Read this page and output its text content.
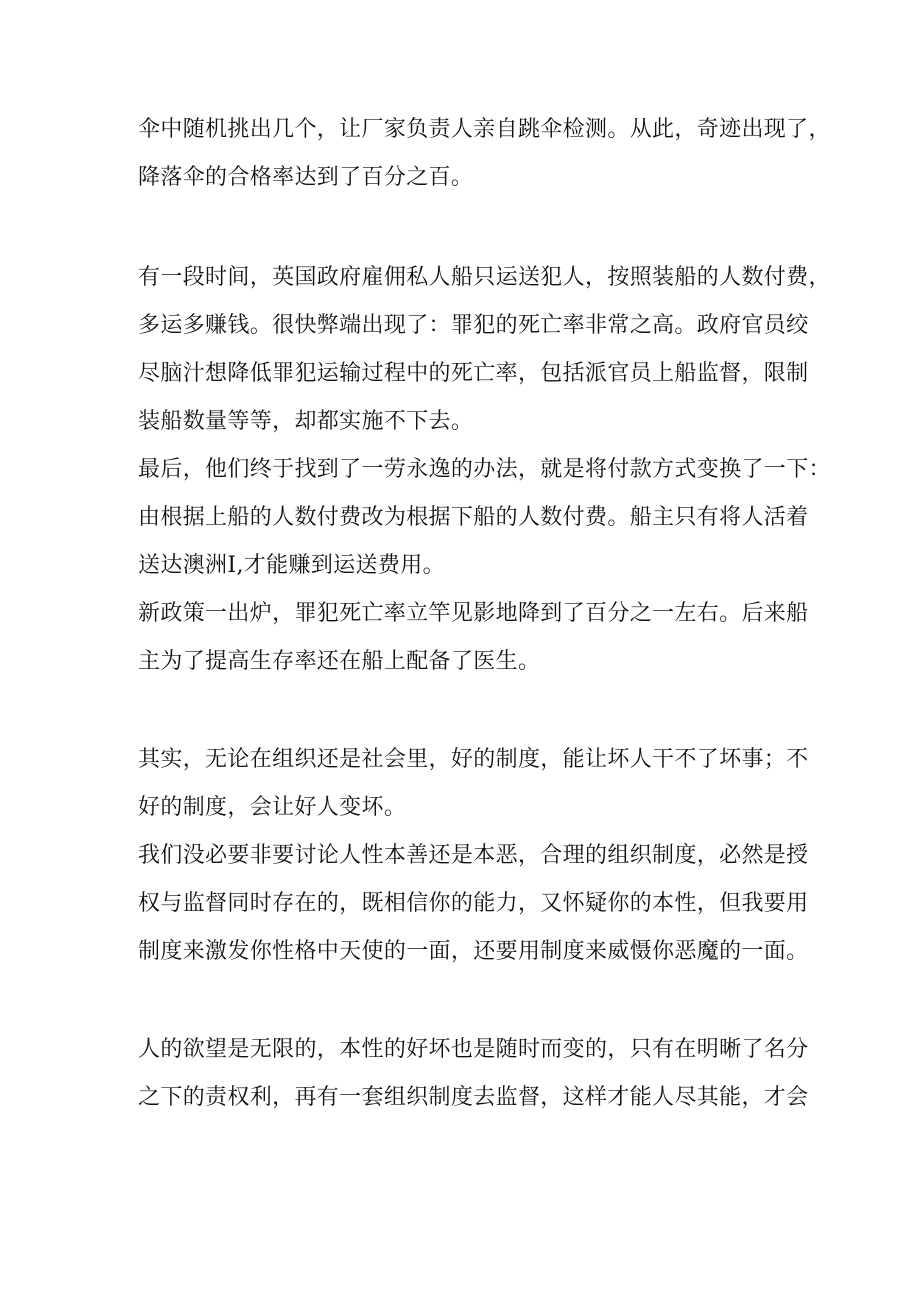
伞中随机挑出几个，让厂家负责人亲自跳伞检测。从此，奇迹出现了，
降落伞的合格率达到了百分之百。
有一段时间，英国政府雇佣私人船只运送犯人，按照装船的人数付费，
多运多赚钱。很快弊端出现了：罪犯的死亡率非常之高。政府官员绞
尽脑汁想降低罪犯运输过程中的死亡率，包括派官员上船监督，限制
装船数量等等，却都实施不下去。
最后，他们终于找到了一劳永逸的办法，就是将付款方式变换了一下：
由根据上船的人数付费改为根据下船的人数付费。船主只有将人活着
送达澳洲I,才能赚到运送费用。
新政策一出炉，罪犯死亡率立竿见影地降到了百分之一左右。后来船
主为了提高生存率还在船上配备了医生。
其实，无论在组织还是社会里，好的制度，能让坏人干不了坏事；不
好的制度，会让好人变坏。
我们没必要非要讨论人性本善还是本恶，合理的组织制度，必然是授
权与监督同时存在的，既相信你的能力，又怀疑你的本性，但我要用
制度来激发你性格中天使的一面，还要用制度来威慑你恶魔的一面。
人的欲望是无限的，本性的好坏也是随时而变的，只有在明晰了名分
之下的责权利，再有一套组织制度去监督，这样才能人尽其能，才会
